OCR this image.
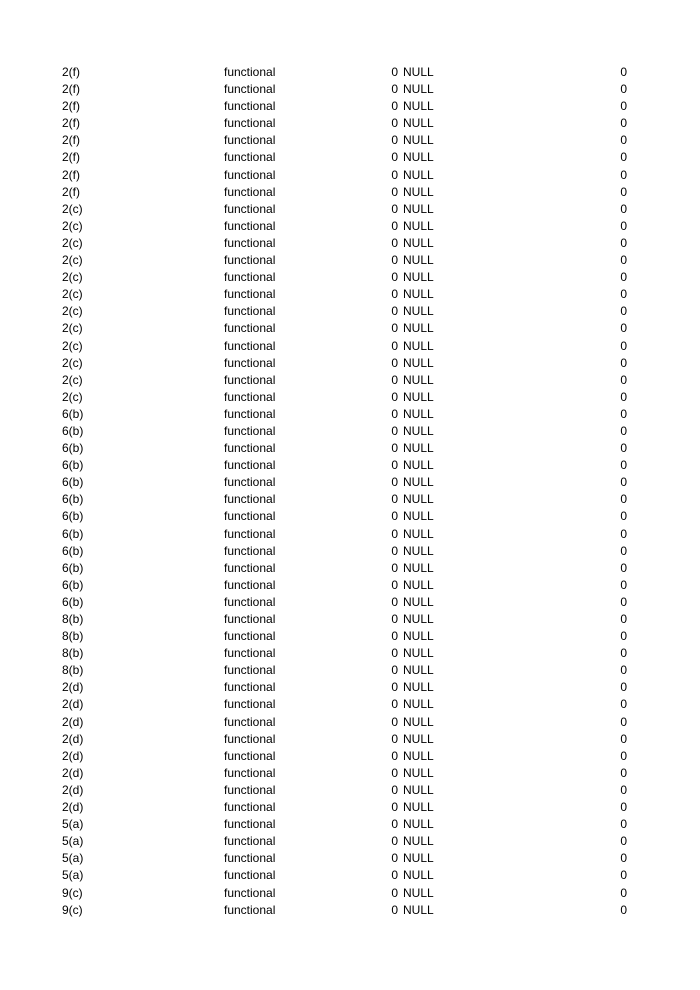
2(f)	functional	0 NULL	0
2(f)	functional	0 NULL	0
2(f)	functional	0 NULL	0
2(f)	functional	0 NULL	0
2(f)	functional	0 NULL	0
2(f)	functional	0 NULL	0
2(f)	functional	0 NULL	0
2(f)	functional	0 NULL	0
2(c)	functional	0 NULL	0
2(c)	functional	0 NULL	0
2(c)	functional	0 NULL	0
2(c)	functional	0 NULL	0
2(c)	functional	0 NULL	0
2(c)	functional	0 NULL	0
2(c)	functional	0 NULL	0
2(c)	functional	0 NULL	0
2(c)	functional	0 NULL	0
2(c)	functional	0 NULL	0
2(c)	functional	0 NULL	0
2(c)	functional	0 NULL	0
6(b)	functional	0 NULL	0
6(b)	functional	0 NULL	0
6(b)	functional	0 NULL	0
6(b)	functional	0 NULL	0
6(b)	functional	0 NULL	0
6(b)	functional	0 NULL	0
6(b)	functional	0 NULL	0
6(b)	functional	0 NULL	0
6(b)	functional	0 NULL	0
6(b)	functional	0 NULL	0
6(b)	functional	0 NULL	0
6(b)	functional	0 NULL	0
8(b)	functional	0 NULL	0
8(b)	functional	0 NULL	0
8(b)	functional	0 NULL	0
8(b)	functional	0 NULL	0
2(d)	functional	0 NULL	0
2(d)	functional	0 NULL	0
2(d)	functional	0 NULL	0
2(d)	functional	0 NULL	0
2(d)	functional	0 NULL	0
2(d)	functional	0 NULL	0
2(d)	functional	0 NULL	0
2(d)	functional	0 NULL	0
5(a)	functional	0 NULL	0
5(a)	functional	0 NULL	0
5(a)	functional	0 NULL	0
5(a)	functional	0 NULL	0
9(c)	functional	0 NULL	0
9(c)	functional	0 NULL	0
